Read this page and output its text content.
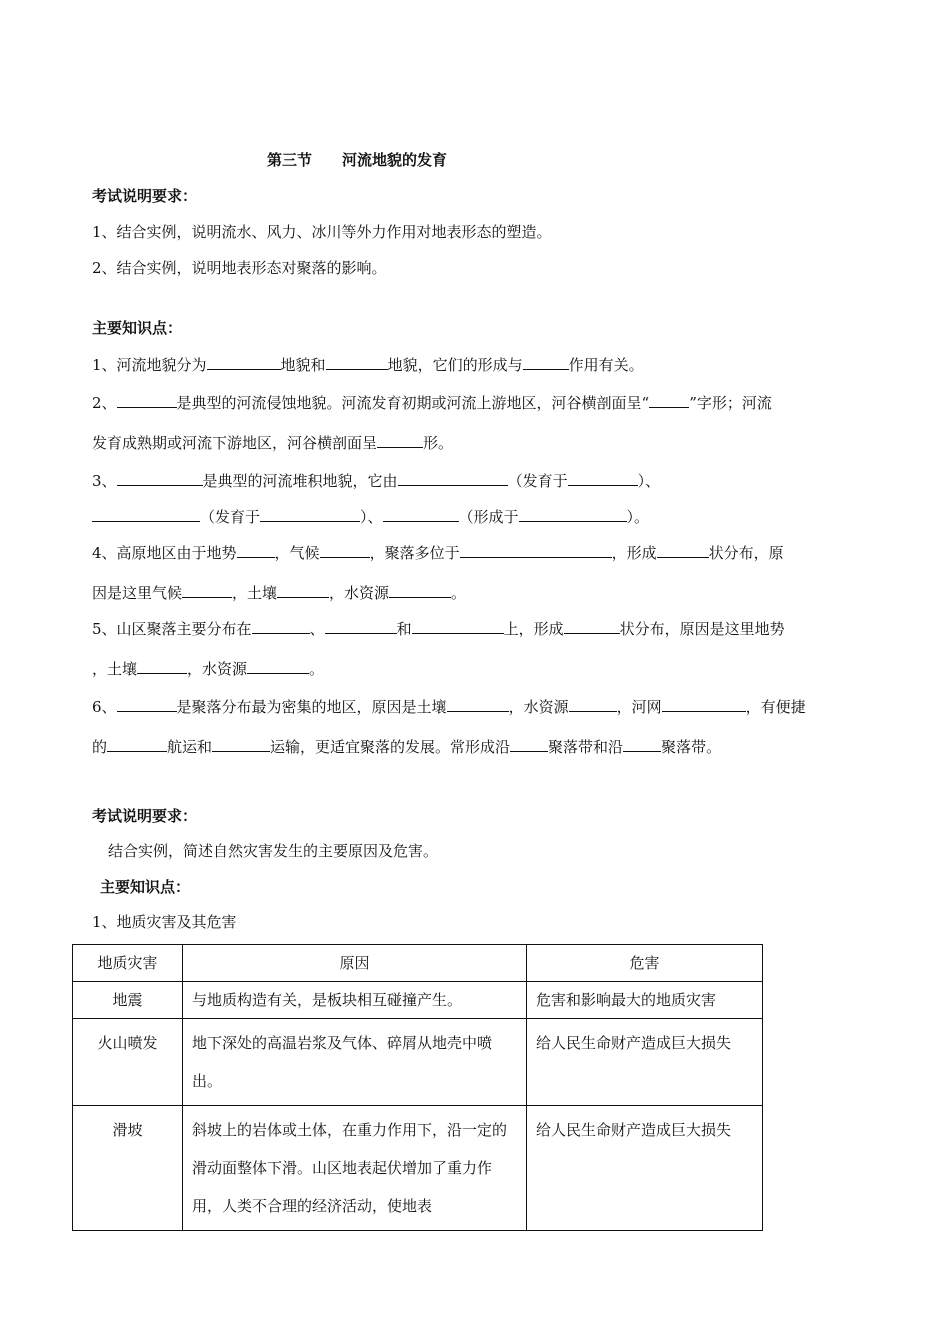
第三节　　河流地貌的发育
考试说明要求：
1、结合实例，说明流水、风力、冰川等外力作用对地表形态的塑造。
2、结合实例，说明地表形态对聚落的影响。
主要知识点：
1、河流地貌分为	地貌和	地貌，它们的形成与	作用有关。
2、	是典型的河流侵蚀地貌。河流发育初期或河流上游地区，河谷横剖面呈“	”字形；河流
发育成熟期或河流下游地区，河谷横剖面呈	形。
3、	是典型的河流堆积地貌，它由	（发育于	）、
（发育于	）、	（形成于	）。
4、高原地区由于地势	，气候	，聚落多位于	，形成	状分布，原
因是这里气候	，土壤	，水资源	。
5、山区聚落主要分布在	、	和	上，形成	状分布，原因是这里地势
，土壤	，水资源	。
6、	是聚落分布最为密集的地区，原因是土壤	，水资源	，河网	，有便捷
的	航运和	运输，更适宜聚落的发展。常形成沿	聚落带和沿	聚落带。
考试说明要求：
结合实例，简述自然灾害发生的主要原因及危害。
主要知识点：
1、地质灾害及其危害
地质灾害	原因	危害
地震	与地质构造有关，是板块相互碰撞产生。	危害和影响最大的地质灾害
火山喷发	地下深处的高温岩浆及气体、碎屑从地壳中喷出。	给人民生命财产造成巨大损失
滑坡	斜坡上的岩体或土体，在重力作用下，沿一定的滑动面整体下滑。山区地表起伏增加了重力作用，人类不合理的经济活动，使地表	给人民生命财产造成巨大损失
